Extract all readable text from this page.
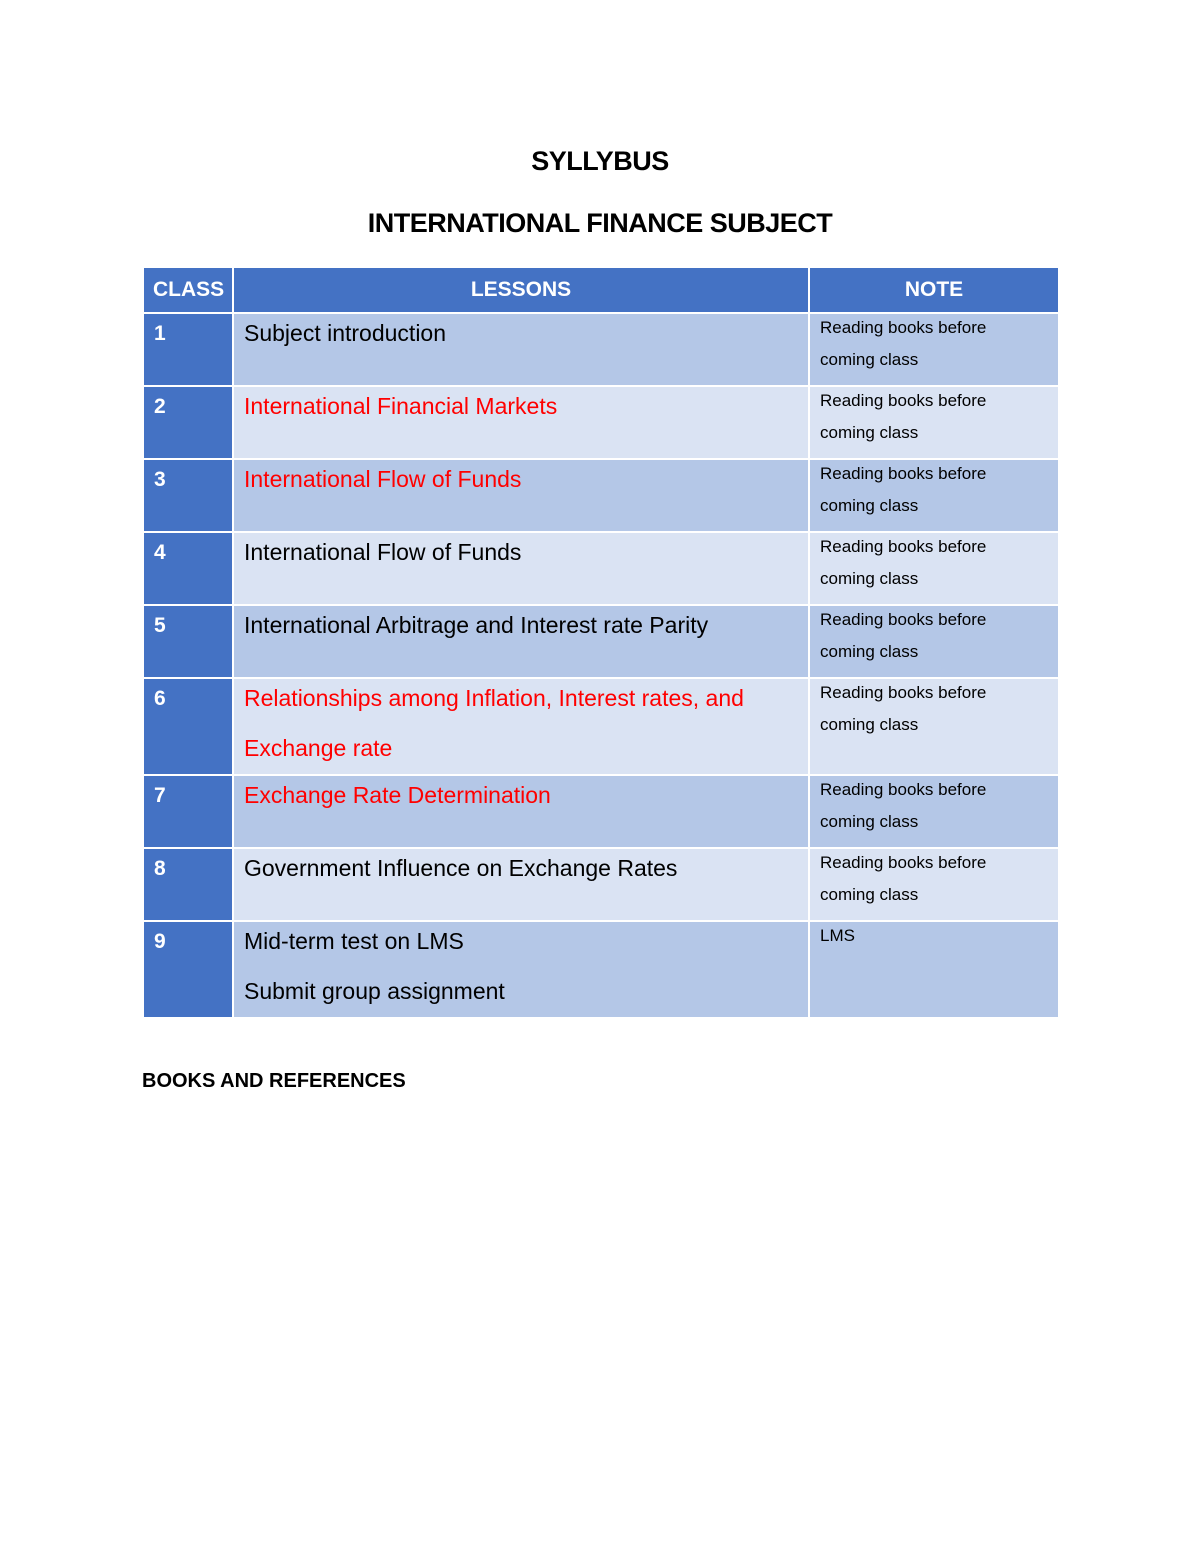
SYLLYBUS
INTERNATIONAL FINANCE SUBJECT
CLASS	LESSONS	NOTE
1	Subject introduction	Reading books before
coming class

2	International Financial Markets	Reading books before
coming class

3	International Flow of Funds	Reading books before
coming class

4	International Flow of Funds	Reading books before
coming class

5	International Arbitrage and Interest rate Parity	Reading books before
coming class

6	Relationships among Inflation, Interest rates, and
Exchange rate	Reading books before
coming class

7	Exchange Rate Determination	Reading books before
coming class

8	Government Influence on Exchange Rates	Reading books before
coming class

9	Mid-term test on LMS
Submit group assignment	LMS
BOOKS AND REFERENCES
